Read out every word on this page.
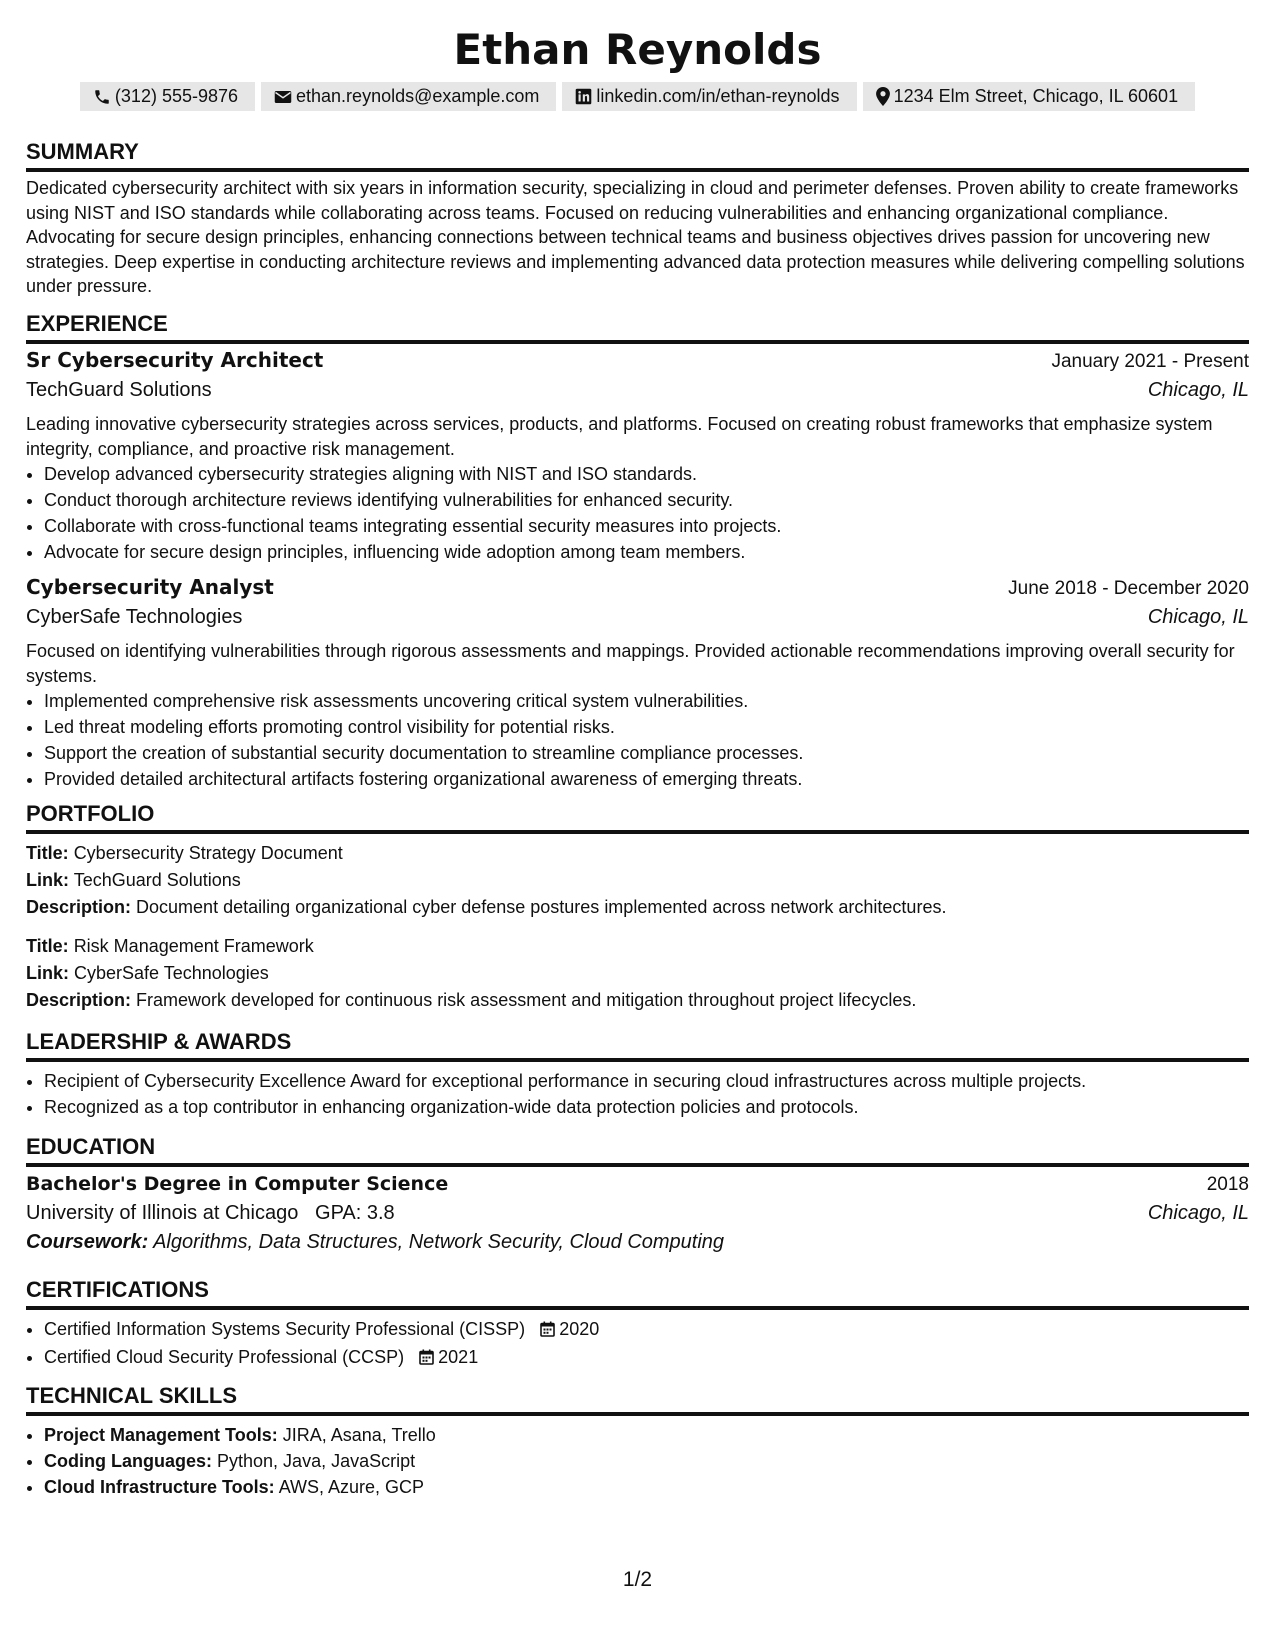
Ethan Reynolds
(312) 555-9876	ethan.reynolds@example.com	linkedin.com/in/ethan-reynolds	1234 Elm Street, Chicago, IL 60601
SUMMARY

Dedicated cybersecurity architect with six years in information security, specializing in cloud and perimeter defenses. Proven ability to create frameworks using NIST and ISO standards while collaborating across teams. Focused on reducing vulnerabilities and enhancing organizational compliance. Advocating for secure design principles, enhancing connections between technical teams and business objectives drives passion for uncovering new strategies. Deep expertise in conducting architecture reviews and implementing advanced data protection measures while delivering compelling solutions under pressure.

EXPERIENCE
Sr Cybersecurity Architect	January 2021 - Present
TechGuard Solutions	Chicago, IL

Leading innovative cybersecurity strategies across services, products, and platforms. Focused on creating robust frameworks that emphasize system integrity, compliance, and proactive risk management.

• Develop advanced cybersecurity strategies aligning with NIST and ISO standards.
• Conduct thorough architecture reviews identifying vulnerabilities for enhanced security.
• Collaborate with cross-functional teams integrating essential security measures into projects.
• Advocate for secure design principles, influencing wide adoption among team members.
Cybersecurity Analyst	June 2018 - December 2020
CyberSafe Technologies	Chicago, IL

Focused on identifying vulnerabilities through rigorous assessments and mappings. Provided actionable recommendations improving overall security for systems.

• Implemented comprehensive risk assessments uncovering critical system vulnerabilities.
• Led threat modeling efforts promoting control visibility for potential risks.
• Support the creation of substantial security documentation to streamline compliance processes.
• Provided detailed architectural artifacts fostering organizational awareness of emerging threats.
PORTFOLIO
Title: Cybersecurity Strategy Document
Link: TechGuard Solutions
Description: Document detailing organizational cyber defense postures implemented across network architectures.
Title: Risk Management Framework
Link: CyberSafe Technologies
Description: Framework developed for continuous risk assessment and mitigation throughout project lifecycles.
LEADERSHIP & AWARDS
• Recipient of Cybersecurity Excellence Award for exceptional performance in securing cloud infrastructures across multiple projects.
• Recognized as a top contributor in enhancing organization-wide data protection policies and protocols.
EDUCATION
Bachelor's Degree in Computer Science	2018
University of Illinois at Chicago GPA: 3.8	Chicago, IL
Coursework: Algorithms, Data Structures, Network Security, Cloud Computing
CERTIFICATIONS
• Certified Information Systems Security Professional (CISSP) 2020
• Certified Cloud Security Professional (CCSP) 2021
TECHNICAL SKILLS
• Project Management Tools: JIRA, Asana, Trello
• Coding Languages: Python, Java, JavaScript
• Cloud Infrastructure Tools: AWS, Azure, GCP
1/2
